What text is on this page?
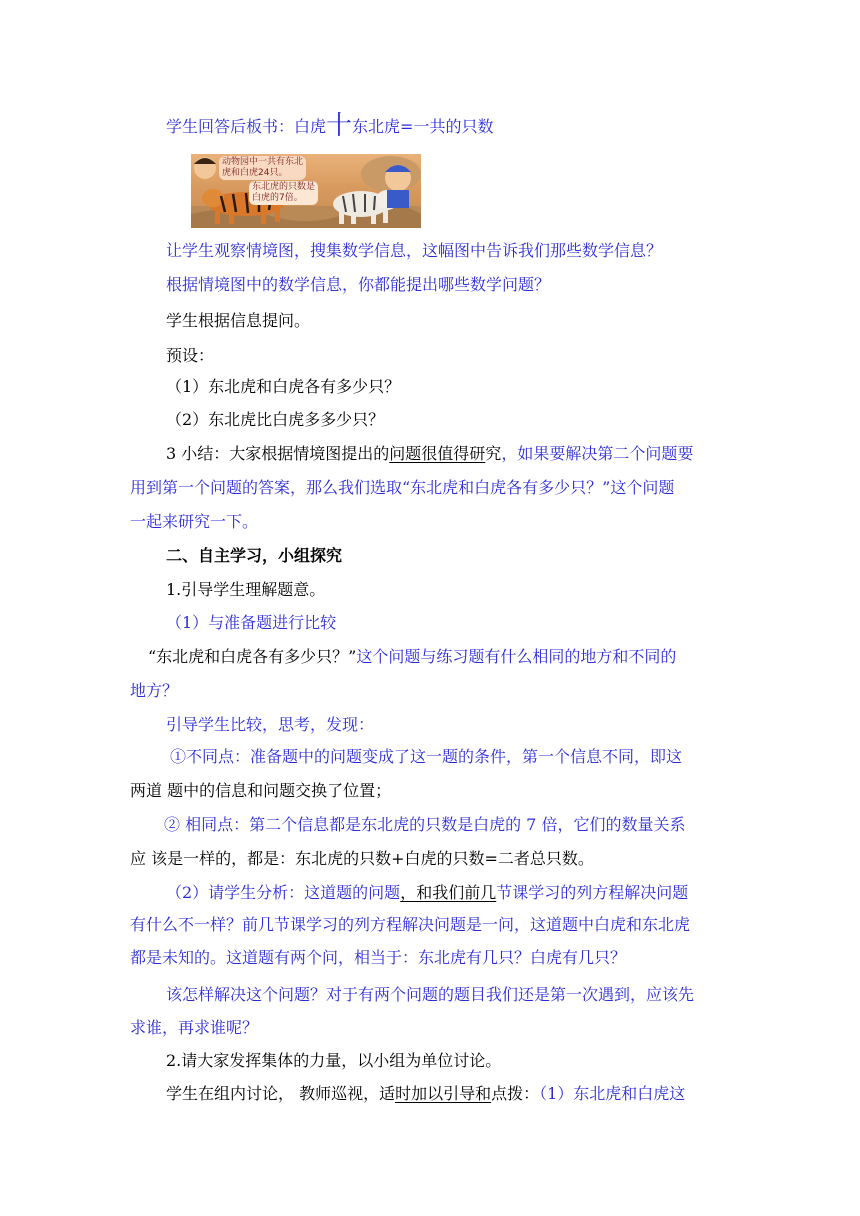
学生回答后板书：白虎十东北虎=一共的只数
动物园中一共有东北
虎和白虎24只。
东北虎的只数是
白虎的7倍。
让学生观察情境图，搜集数学信息，这幅图中告诉我们那些数学信息？
根据情境图中的数学信息，你都能提出哪些数学问题？
学生根据信息提问。
预设：
（1）东北虎和白虎各有多少只？
（2）东北虎比白虎多多少只？
3 小结：大家根据情境图提出的问题很值得研究，如果要解决第二个问题要
用到第一个问题的答案，那么我们选取“东北虎和白虎各有多少只？”这个问题
一起来研究一下。
二、自主学习，小组探究
1.引导学生理解题意。
（1）与准备题进行比较
“东北虎和白虎各有多少只？”这个问题与练习题有什么相同的地方和不同的
地方？
引导学生比较，思考，发现：
①不同点：准备题中的问题变成了这一题的条件，第一个信息不同，即这
两道 题中的信息和问题交换了位置；
② 相同点：第二个信息都是东北虎的只数是白虎的 7 倍，它们的数量关系
应 该是一样的，都是：东北虎的只数+白虎的只数=二者总只数。
（2）请学生分析：这道题的问题，和我们前几节课学习的列方程解决问题
有什么不一样？前几节课学习的列方程解决问题是一问，这道题中白虎和东北虎
都是未知的。这道题有两个问，相当于：东北虎有几只？白虎有几只？
该怎样解决这个问题？对于有两个问题的题目我们还是第一次遇到，应该先
求谁，再求谁呢？
2.请大家发挥集体的力量，以小组为单位讨论。
学生在组内讨论， 教师巡视，适时加以引导和点拨：（1）东北虎和白虎这
